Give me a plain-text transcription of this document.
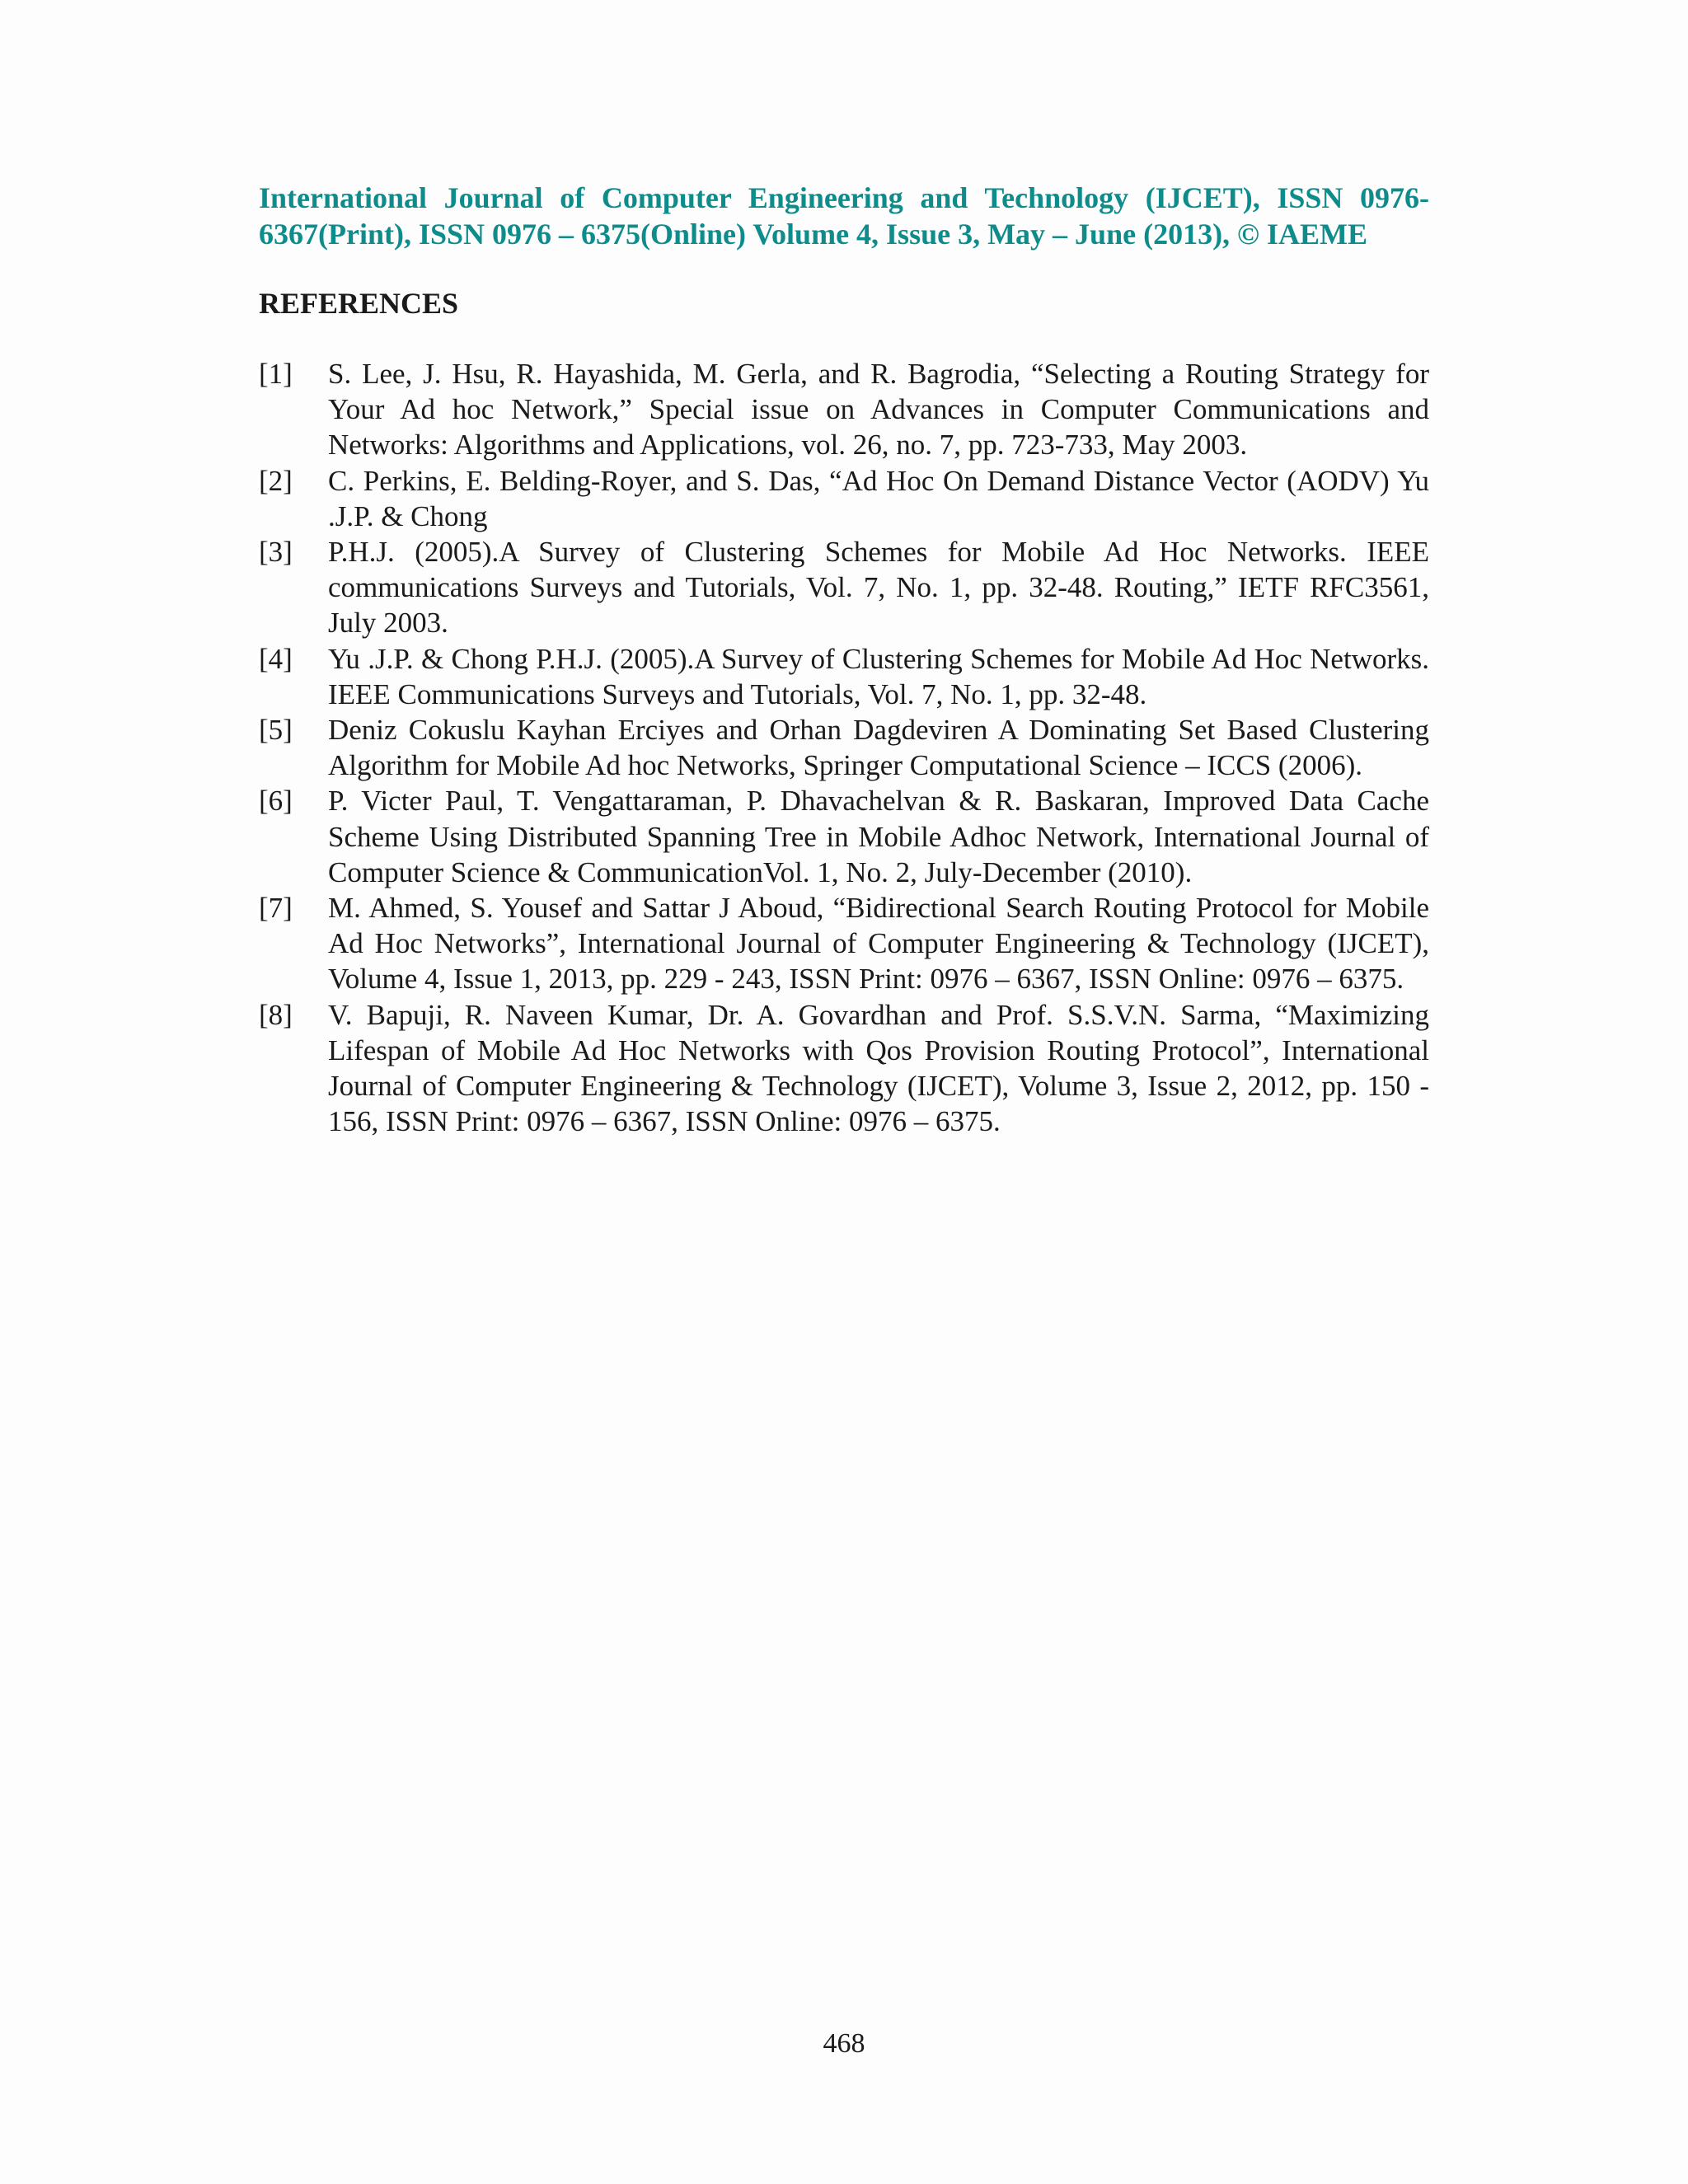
International Journal of Computer Engineering and Technology (IJCET), ISSN 0976-6367(Print), ISSN 0976 – 6375(Online) Volume 4, Issue 3, May – June (2013), © IAEME
REFERENCES
[1]	S. Lee, J. Hsu, R. Hayashida, M. Gerla, and R. Bagrodia, “Selecting a Routing Strategy for Your Ad hoc Network,” Special issue on Advances in Computer Communications and Networks: Algorithms and Applications, vol. 26, no. 7, pp. 723-733, May 2003.
[2]	C. Perkins, E. Belding-Royer, and S. Das, “Ad Hoc On Demand Distance Vector (AODV) Yu .J.P. & Chong
[3]	P.H.J. (2005).A Survey of Clustering Schemes for Mobile Ad Hoc Networks. IEEE communications Surveys and Tutorials, Vol. 7, No. 1, pp. 32-48. Routing,” IETF RFC3561, July 2003.
[4]	Yu .J.P. & Chong P.H.J. (2005).A Survey of Clustering Schemes for Mobile Ad Hoc Networks. IEEE Communications Surveys and Tutorials, Vol. 7, No. 1, pp. 32-48.
[5]	Deniz Cokuslu Kayhan Erciyes and Orhan Dagdeviren A Dominating Set Based Clustering Algorithm for Mobile Ad hoc Networks, Springer Computational Science – ICCS (2006).
[6]	P. Victer Paul, T. Vengattaraman, P. Dhavachelvan & R. Baskaran, Improved Data Cache Scheme Using Distributed Spanning Tree in Mobile Adhoc Network, International Journal of Computer Science & CommunicationVol. 1, No. 2, July-December (2010).
[7]	M. Ahmed, S. Yousef and Sattar J Aboud, “Bidirectional Search Routing Protocol for Mobile Ad Hoc Networks”, International Journal of Computer Engineering & Technology (IJCET), Volume 4, Issue 1, 2013, pp. 229 - 243, ISSN Print: 0976 – 6367, ISSN Online: 0976 – 6375.
[8]	V. Bapuji, R. Naveen Kumar, Dr. A. Govardhan and Prof. S.S.V.N. Sarma, “Maximizing Lifespan of Mobile Ad Hoc Networks with Qos Provision Routing Protocol”, International Journal of Computer Engineering & Technology (IJCET), Volume 3, Issue 2, 2012, pp. 150 - 156, ISSN Print: 0976 – 6367, ISSN Online: 0976 – 6375.
468
